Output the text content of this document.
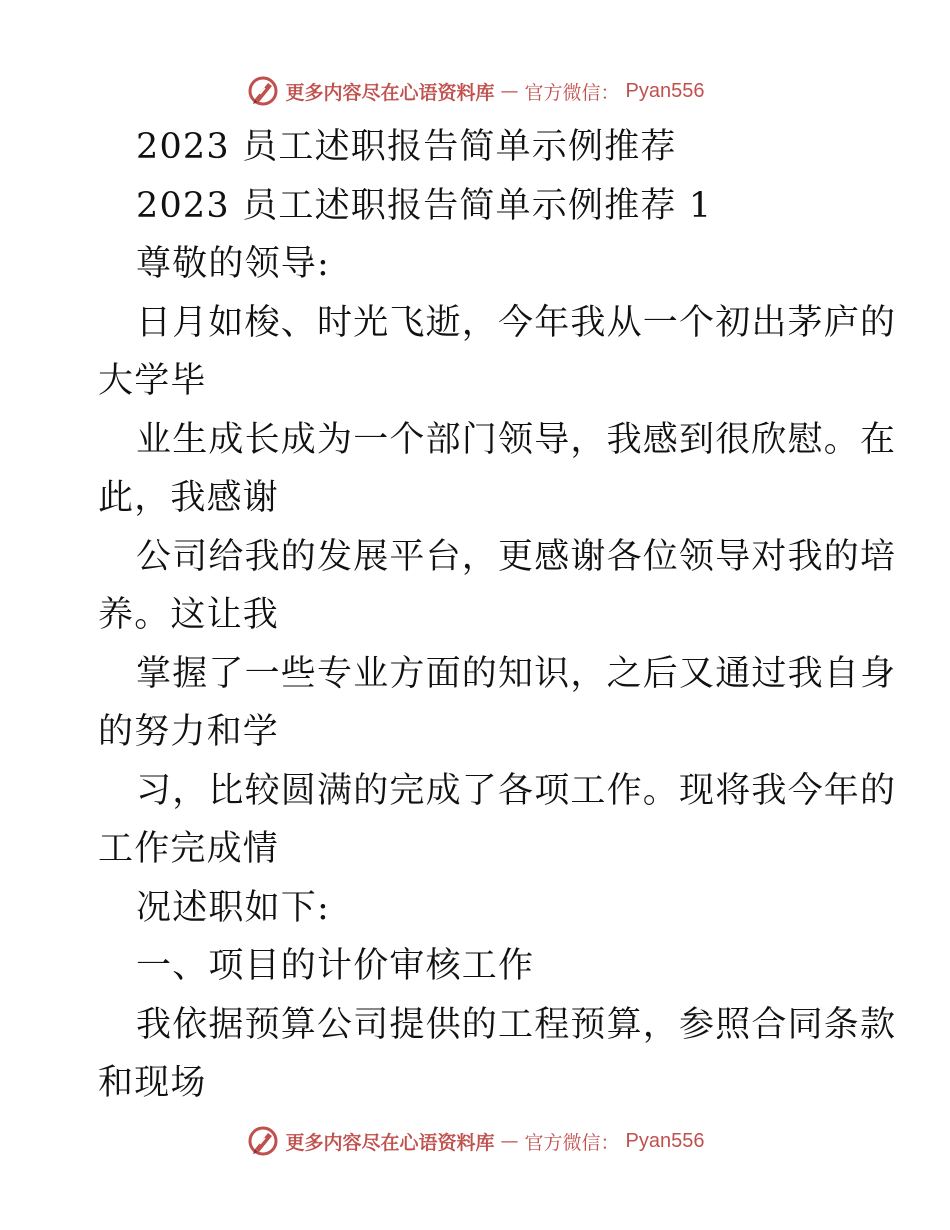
更多内容尽在心语资料库 — 官方微信： Pyan556
2023 员工述职报告简单示例推荐
2023 员工述职报告简单示例推荐 1
尊敬的领导:
日月如梭、时光飞逝，今年我从一个初出茅庐的
大学毕
业生成长成为一个部门领导，我感到很欣慰。在
此，我感谢
公司给我的发展平台，更感谢各位领导对我的培
养。这让我
掌握了一些专业方面的知识，之后又通过我自身
的努力和学
习，比较圆满的完成了各项工作。现将我今年的
工作完成情
况述职如下:
一、项目的计价审核工作
我依据预算公司提供的工程预算，参照合同条款
和现场
更多内容尽在心语资料库 — 官方微信： Pyan556
